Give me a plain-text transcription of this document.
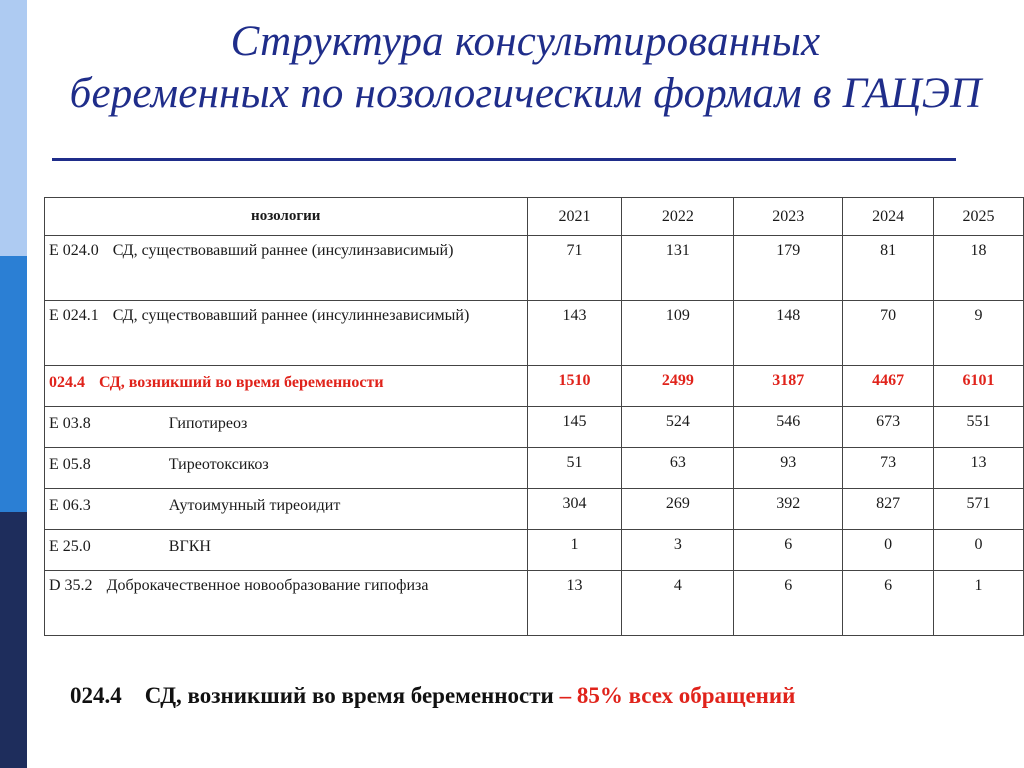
Структура консультированных
беременных по нозологическим формам в ГАЦЭП
нозологии	2021	2022	2023	2024	2025
Е 024.0 СД, существовавший раннее (инсулинзависимый)	71	131	179	81	18
Е 024.1 СД, существовавший раннее (инсулиннезависимый)	143	109	148	70	9
024.4 СД, возникший во время беременности	1510	2499	3187	4467	6101
Е 03.8 Гипотиреоз	145	524	546	673	551
Е 05.8 Тиреотоксикоз	51	63	93	73	13
Е 06.3 Аутоимунный тиреоидит	304	269	392	827	571
Е 25.0 ВГКН	1	3	6	0	0
D 35.2 Доброкачественное новообразование гипофиза	13	4	6	6	1
024.4 СД, возникший во время беременности – 85% всех обращений
